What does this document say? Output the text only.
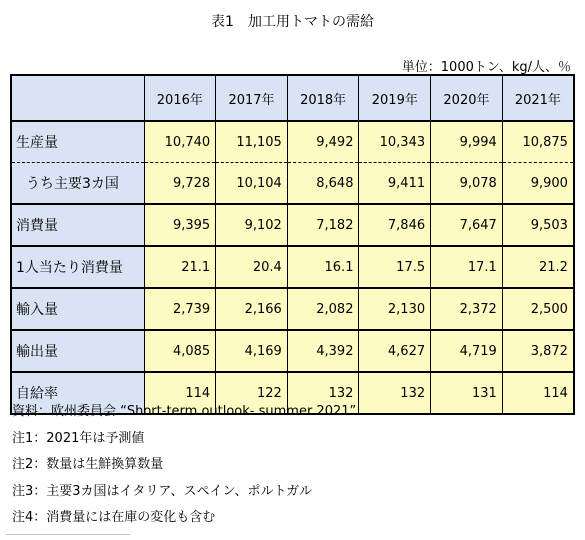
表1　加工用トマトの需給
単位：1000トン、kg/人、％
	2016年	2017年	2018年	2019年	2020年	2021年
生産量	10,740	11,105	9,492	10,343	9,994	10,875
うち主要3カ国	9,728	10,104	8,648	9,411	9,078	9,900
消費量	9,395	9,102	7,182	7,846	7,647	9,503
1人当たり消費量	21.1	20.4	16.1	17.5	17.1	21.2
輸入量	2,739	2,166	2,082	2,130	2,372	2,500
輸出量	4,085	4,169	4,392	4,627	4,719	3,872
自給率	114	122	132	132	131	114
資料：欧州委員会 “Short-term outlook- summer 2021”
注1：2021年は予測値
注2：数量は生鮮換算数量
注3：主要3カ国はイタリア、スペイン、ポルトガル
注4：消費量には在庫の変化も含む
